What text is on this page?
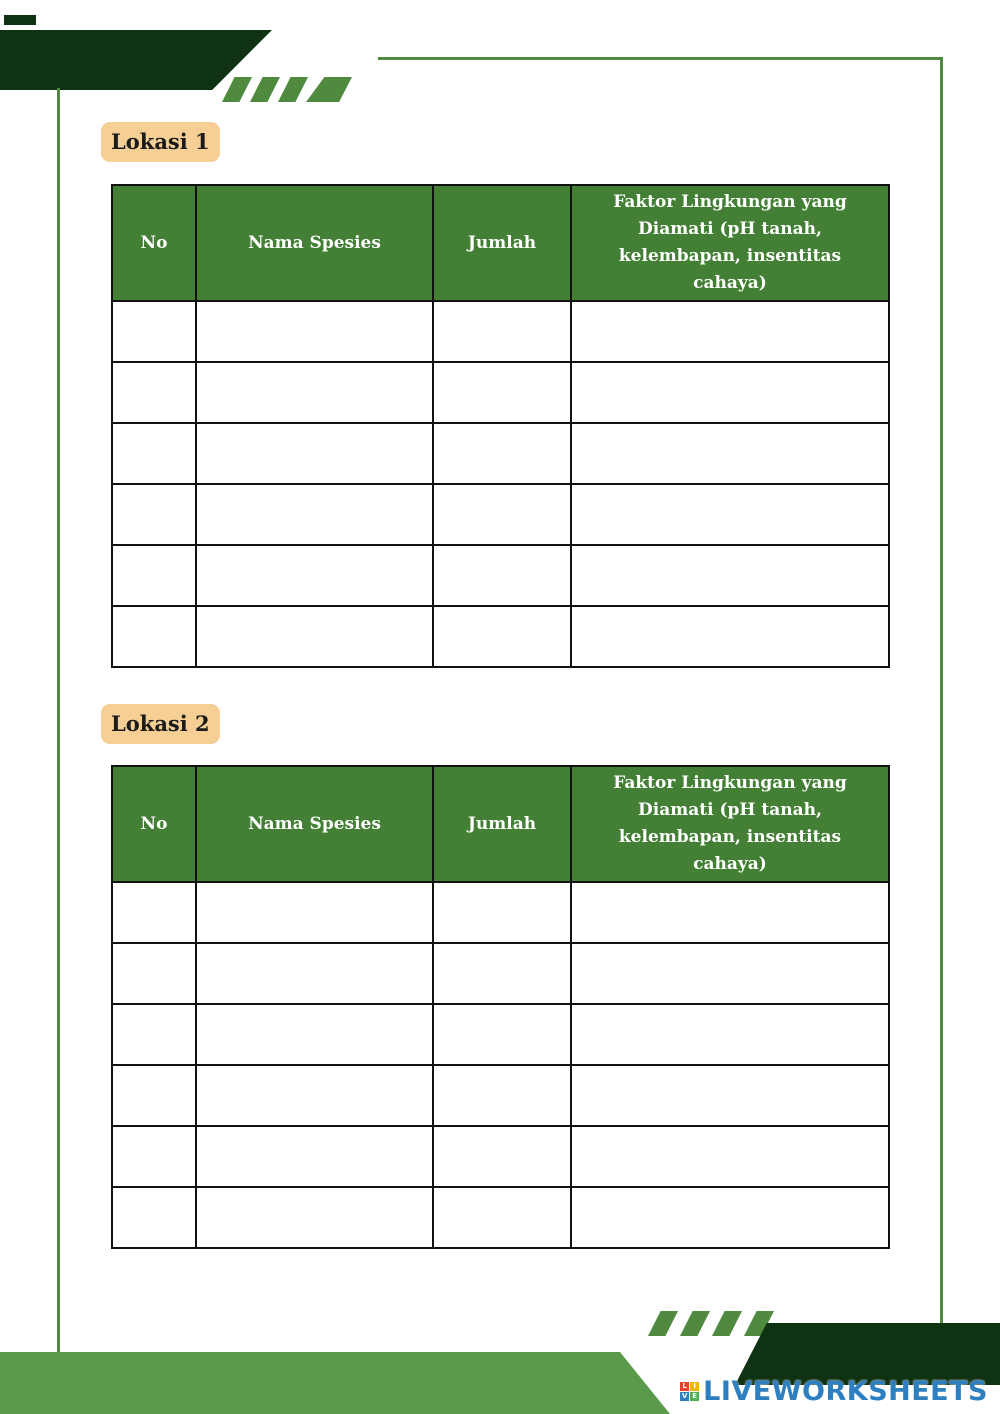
Lokasi 1
No	Nama Spesies	Jumlah	Faktor Lingkungan yang Diamati (pH tanah, kelembapan, insentitas cahaya)

Lokasi 2
No	Nama Spesies	Jumlah	Faktor Lingkungan yang Diamati (pH tanah, kelembapan, insentitas cahaya)

L I
V E LIVEWORKSHEETS
